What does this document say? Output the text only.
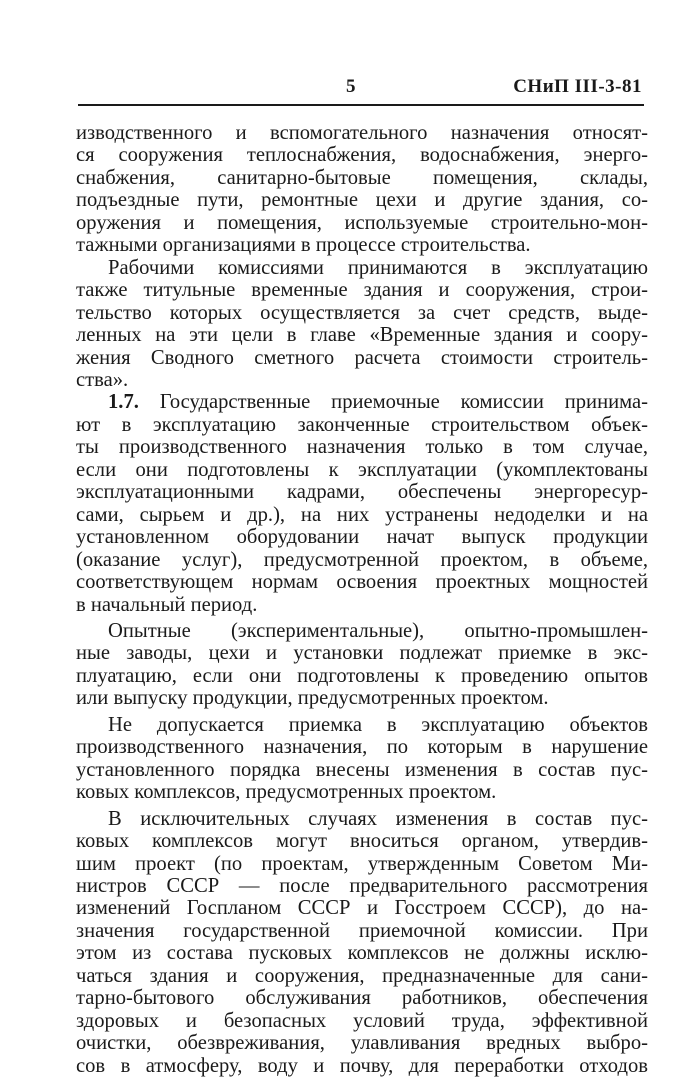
5	СНиП III-3-81
изводственного и вспомогательного назначения относят-
ся сооружения теплоснабжения, водоснабжения, энерго-
снабжения, санитарно-бытовые помещения, склады,
подъездные пути, ремонтные цехи и другие здания, со-
оружения и помещения, используемые строительно-мон-
тажными организациями в процессе строительства.
Рабочими комиссиями принимаются в эксплуатацию
также титульные временные здания и сооружения, строи-
тельство которых осуществляется за счет средств, выде-
ленных на эти цели в главе «Временные здания и соору-
жения Сводного сметного расчета стоимости строитель-
ства».
1.7. Государственные приемочные комиссии принима-
ют в эксплуатацию законченные строительством объек-
ты производственного назначения только в том случае,
если они подготовлены к эксплуатации (укомплектованы
эксплуатационными кадрами, обеспечены энергоресур-
сами, сырьем и др.), на них устранены недоделки и на
установленном оборудовании начат выпуск продукции
(оказание услуг), предусмотренной проектом, в объеме,
соответствующем нормам освоения проектных мощностей
в начальный период.
Опытные (экспериментальные), опытно-промышлен-
ные заводы, цехи и установки подлежат приемке в экс-
плуатацию, если они подготовлены к проведению опытов
или выпуску продукции, предусмотренных проектом.
Не допускается приемка в эксплуатацию объектов
производственного назначения, по которым в нарушение
установленного порядка внесены изменения в состав пус-
ковых комплексов, предусмотренных проектом.
В исключительных случаях изменения в состав пус-
ковых комплексов могут вноситься органом, утвердив-
шим проект (по проектам, утвержденным Советом Ми-
нистров СССР — после предварительного рассмотрения
изменений Госпланом СССР и Госстроем СССР), до на-
значения государственной приемочной комиссии. При
этом из состава пусковых комплексов не должны исклю-
чаться здания и сооружения, предназначенные для сани-
тарно-бытового обслуживания работников, обеспечения
здоровых и безопасных условий труда, эффективной
очистки, обезвреживания, улавливания вредных выбро-
сов в атмосферу, воду и почву, для переработки отходов
